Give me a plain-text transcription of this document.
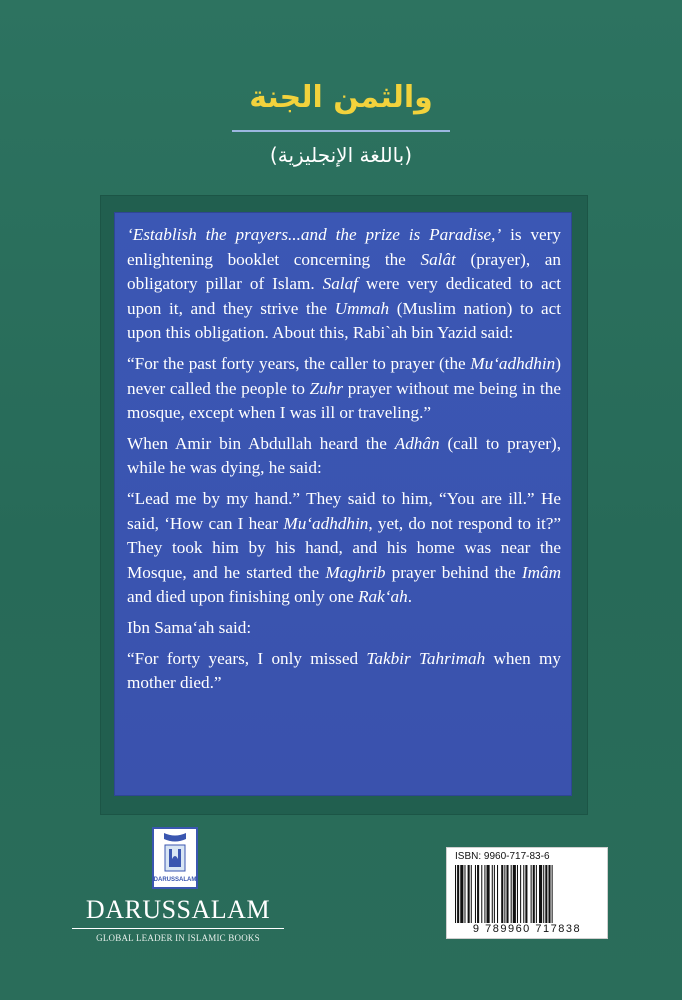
والثمن الجنة
(باللغة الإنجليزية)

‘Establish the prayers...and the prize is Paradise,’ is very enlightening booklet concerning the Salât (prayer), an obligatory pillar of Islam. Salaf were very dedicated to act upon it, and they strive the Ummah (Muslim nation) to act upon this obligation. About this, Rabi`ah bin Yazid said:

“For the past forty years, the caller to prayer (the Mu‘adhdhin) never called the people to Zuhr prayer without me being in the mosque, except when I was ill or traveling.”

When Amir bin Abdullah heard the Adhân (call to prayer), while he was dying, he said:

“Lead me by my hand.” They said to him, “You are ill.” He said, ‘How can I hear Mu‘adhdhin, yet, do not respond to it?” They took him by his hand, and his home was near the Mosque, and he started the Maghrib prayer behind the Imâm and died upon finishing only one Rak‘ah.

Ibn Sama‘ah said:

“For forty years, I only missed Takbir Tahrimah when my mother died.”

DARUSSALAM
DARUSSALAM
GLOBAL LEADER IN ISLAMIC BOOKS
ISBN: 9960-717-83-6
9 789960 717838
